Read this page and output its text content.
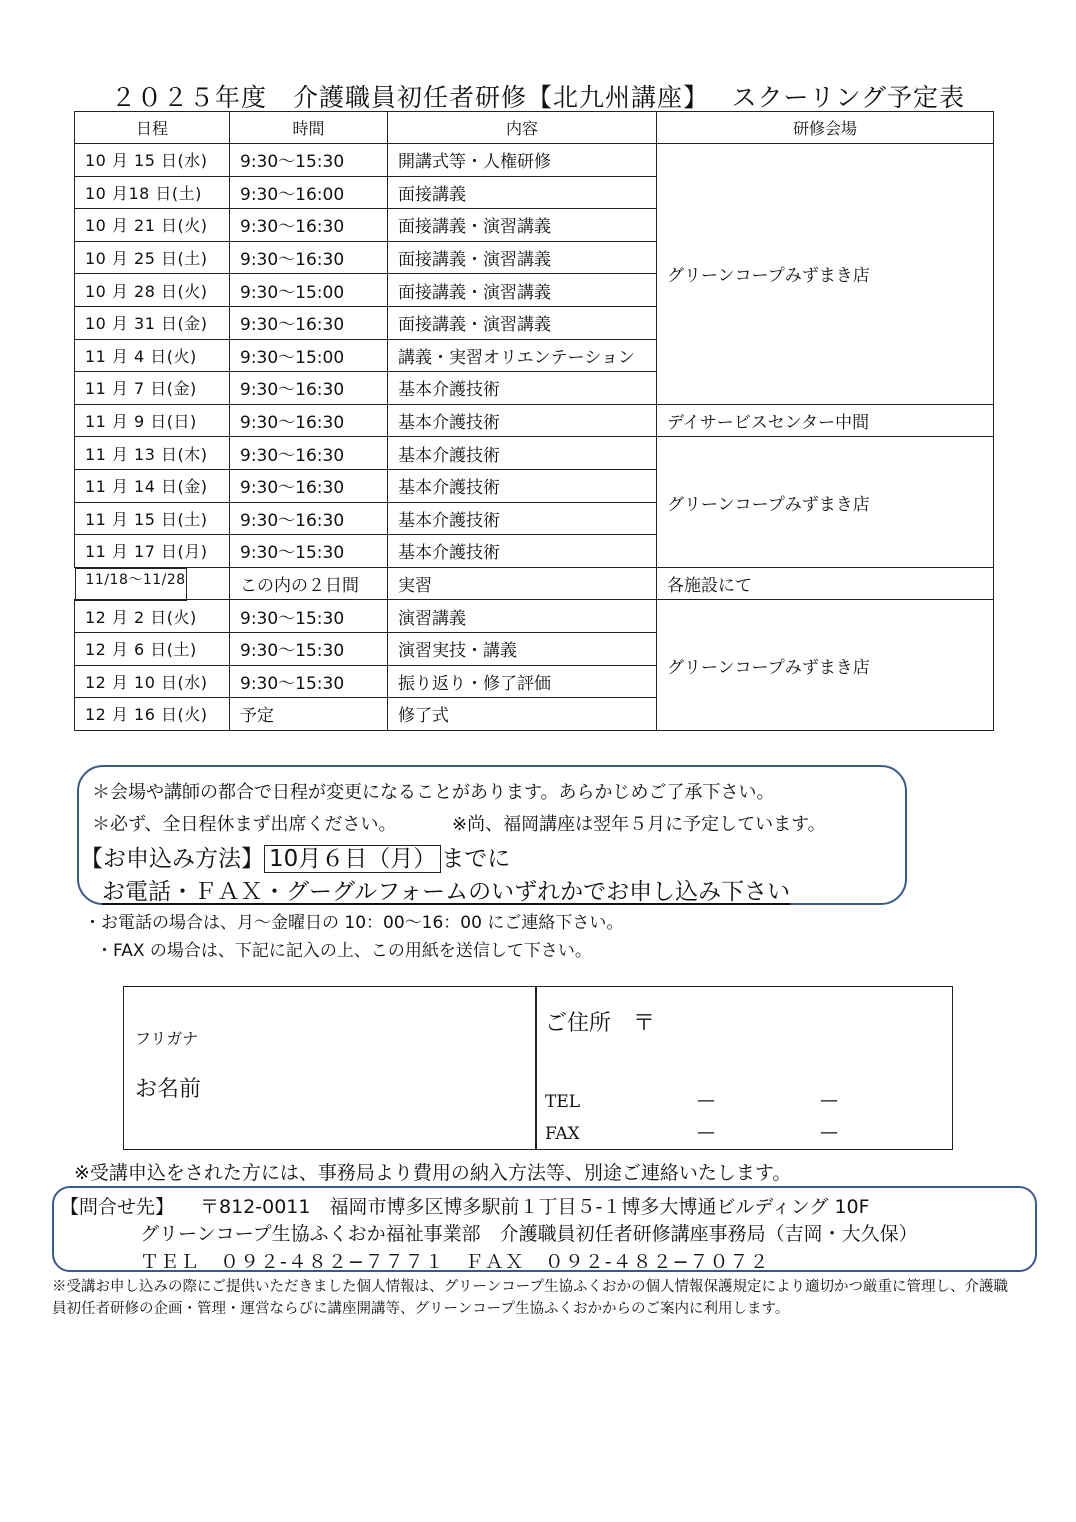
２０２５年度　介護職員初任者研修【北九州講座】　 スクーリング予定表
日程	時間	内容	研修会場
10 月 15 日(水)	9:30～15:30	開講式等・人権研修	グリーンコープみずまき店
10 月18 日(土)	9:30～16:00	面接講義	
10 月 21 日(火)	9:30～16:30	面接講義・演習講義	
10 月 25 日(土)	9:30～16:30	面接講義・演習講義	
10 月 28 日(火)	9:30～15:00	面接講義・演習講義	
10 月 31 日(金)	9:30～16:30	面接講義・演習講義	
11 月 4 日(火)	9:30～15:00	講義・実習オリエンテーション	
11 月 7 日(金)	9:30～16:30	基本介護技術	
11 月 9 日(日)	9:30～16:30	基本介護技術	デイサービスセンター中間
11 月 13 日(木)	9:30～16:30	基本介護技術	グリーンコープみずまき店
11 月 14 日(金)	9:30～16:30	基本介護技術	
11 月 15 日(土)	9:30～16:30	基本介護技術	
11 月 17 日(月)	9:30～15:30	基本介護技術	

11/18～11/28	この内の２日間	実習	各施設にて
12 月 2 日(火)	9:30～15:30	演習講義	グリーンコープみずまき店
12 月 6 日(土)	9:30～15:30	演習実技・講義	
12 月 10 日(水)	9:30～15:30	振り返り・修了評価	
12 月 16 日(火)	予定	修了式	
＊会場や講師の都合で日程が変更になることがあります。あらかじめご了承下さい。
＊必ず、全日程休まず出席ください。	※尚、福岡講座は翌年５月に予定しています。
【お申込み方法】 10月６日（月） までに
お電話・ＦＡＸ・グーグルフォームのいずれかでお申し込み下さい
・お電話の場合は、月～金曜日の 10：00～16：00 にご連絡下さい。
・FAX の場合は、下記に記入の上、この用紙を送信して下さい。
フリガナ
お名前
ご住所　〒
TEL
FAX
—	—
—	—
※受講申込をされた方には、事務局より費用の納入方法等、別途ご連絡いたします。
【問合せ先】 〒812-0011　福岡市博多区博多駅前１丁目５-１博多大博通ビルディング 10F
グリーンコープ生協ふくおか福祉事業部　介護職員初任者研修講座事務局（吉岡・大久保）
ＴＥＬ　０９２-４８２−７７７１　ＦＡＸ　０９２-４８２−７０７２
※受講お申し込みの際にご提供いただきました個人情報は、グリーンコープ生協ふくおかの個人情報保護規定により適切かつ厳重に管理し、介護職員初任者研修の企画・管理・運営ならびに講座開講等、グリーンコープ生協ふくおかからのご案内に利用します。
